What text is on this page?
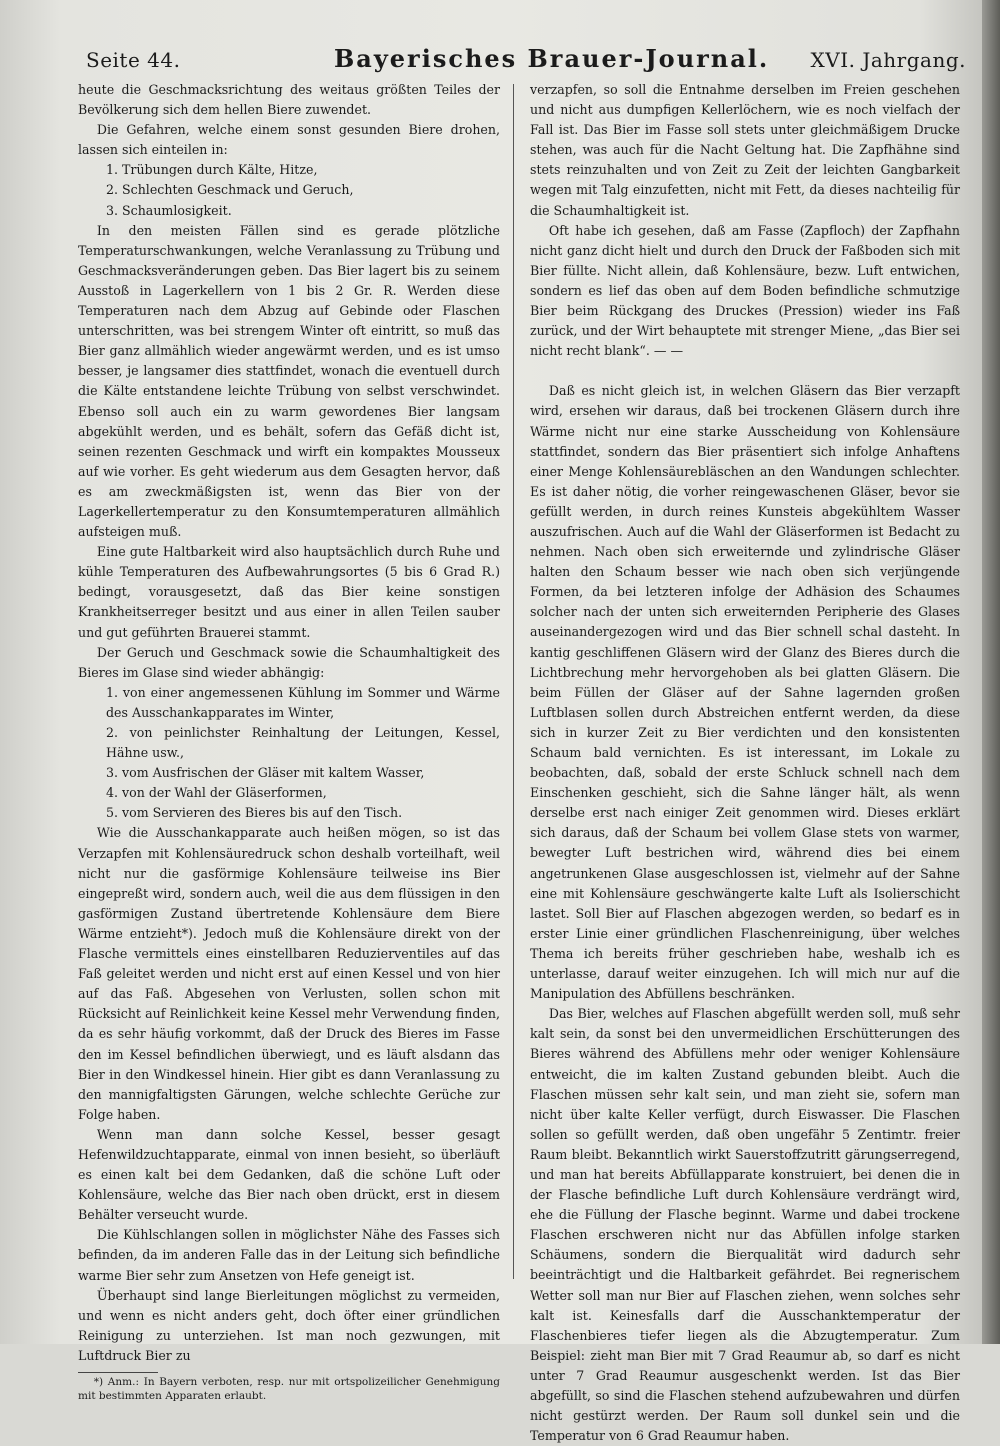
Seite 44.	Bayerisches Brauer-Journal. XVI. Jahrgang.

heute die Geschmacksrichtung des weitaus größten Teiles der Bevölkerung sich dem hellen Biere zuwendet.

Die Gefahren, welche einem sonst gesunden Biere drohen, lassen sich einteilen in:

1. Trübungen durch Kälte, Hitze,
2. Schlechten Geschmack und Geruch,
3. Schaumlosigkeit.

In den meisten Fällen sind es gerade plötzliche Temperaturschwankungen, welche Veranlassung zu Trübung und Geschmacksveränderungen geben. Das Bier lagert bis zu seinem Ausstoß in Lagerkellern von 1 bis 2 Gr. R. Werden diese Temperaturen nach dem Abzug auf Gebinde oder Flaschen unterschritten, was bei strengem Winter oft eintritt, so muß das Bier ganz allmählich wieder angewärmt werden, und es ist umso besser, je langsamer dies stattfindet, wonach die eventuell durch die Kälte entstandene leichte Trübung von selbst verschwindet. Ebenso soll auch ein zu warm gewordenes Bier langsam abgekühlt werden, und es behält, sofern das Gefäß dicht ist, seinen rezenten Geschmack und wirft ein kompaktes Mousseux auf wie vorher. Es geht wiederum aus dem Gesagten hervor, daß es am zweckmäßigsten ist, wenn das Bier von der Lagerkellertemperatur zu den Konsumtemperaturen allmählich aufsteigen muß.

Eine gute Haltbarkeit wird also hauptsächlich durch Ruhe und kühle Temperaturen des Aufbewahrungsortes (5 bis 6 Grad R.) bedingt, vorausgesetzt, daß das Bier keine sonstigen Krankheitserreger besitzt und aus einer in allen Teilen sauber und gut geführten Brauerei stammt.

Der Geruch und Geschmack sowie die Schaumhaltigkeit des Bieres im Glase sind wieder abhängig:

1. von einer angemessenen Kühlung im Sommer und Wärme des Ausschankapparates im Winter,
2. von peinlichster Reinhaltung der Leitungen, Kessel, Hähne usw.,
3. vom Ausfrischen der Gläser mit kaltem Wasser,
4. von der Wahl der Gläserformen,
5. vom Servieren des Bieres bis auf den Tisch.

Wie die Ausschankapparate auch heißen mögen, so ist das Verzapfen mit Kohlensäuredruck schon deshalb vorteilhaft, weil nicht nur die gasförmige Kohlensäure teilweise ins Bier eingepreßt wird, sondern auch, weil die aus dem flüssigen in den gasförmigen Zustand übertretende Kohlensäure dem Biere Wärme entzieht*). Jedoch muß die Kohlensäure direkt von der Flasche vermittels eines einstellbaren Reduzierventiles auf das Faß geleitet werden und nicht erst auf einen Kessel und von hier auf das Faß. Abgesehen von Verlusten, sollen schon mit Rücksicht auf Reinlichkeit keine Kessel mehr Verwendung finden, da es sehr häufig vorkommt, daß der Druck des Bieres im Fasse den im Kessel befindlichen überwiegt, und es läuft alsdann das Bier in den Windkessel hinein. Hier gibt es dann Veranlassung zu den mannigfaltigsten Gärungen, welche schlechte Gerüche zur Folge haben.

Wenn man dann solche Kessel, besser gesagt Hefenwildzuchtapparate, einmal von innen besieht, so überläuft es einen kalt bei dem Gedanken, daß die schöne Luft oder Kohlensäure, welche das Bier nach oben drückt, erst in diesem Behälter verseucht wurde.

Die Kühlschlangen sollen in möglichster Nähe des Fasses sich befinden, da im anderen Falle das in der Leitung sich befindliche warme Bier sehr zum Ansetzen von Hefe geneigt ist.

Überhaupt sind lange Bierleitungen möglichst zu vermeiden, und wenn es nicht anders geht, doch öfter einer gründlichen Reinigung zu unterziehen. Ist man noch gezwungen, mit Luftdruck Bier zu

*) Anm.: In Bayern verboten, resp. nur mit ortspolizeilicher Genehmigung mit bestimmten Apparaten erlaubt.

verzapfen, so soll die Entnahme derselben im Freien geschehen und nicht aus dumpfigen Kellerlöchern, wie es noch vielfach der Fall ist. Das Bier im Fasse soll stets unter gleichmäßigem Drucke stehen, was auch für die Nacht Geltung hat. Die Zapfhähne sind stets reinzuhalten und von Zeit zu Zeit der leichten Gangbarkeit wegen mit Talg einzufetten, nicht mit Fett, da dieses nachteilig für die Schaumhaltigkeit ist.

Oft habe ich gesehen, daß am Fasse (Zapfloch) der Zapfhahn nicht ganz dicht hielt und durch den Druck der Faßboden sich mit Bier füllte. Nicht allein, daß Kohlensäure, bezw. Luft entwichen, sondern es lief das oben auf dem Boden befindliche schmutzige Bier beim Rückgang des Druckes (Pression) wieder ins Faß zurück, und der Wirt behauptete mit strenger Miene, „das Bier sei nicht recht blank“. — —

Daß es nicht gleich ist, in welchen Gläsern das Bier verzapft wird, ersehen wir daraus, daß bei trockenen Gläsern durch ihre Wärme nicht nur eine starke Ausscheidung von Kohlensäure stattfindet, sondern das Bier präsentiert sich infolge Anhaftens einer Menge Kohlensäurebläschen an den Wandungen schlechter. Es ist daher nötig, die vorher reingewaschenen Gläser, bevor sie gefüllt werden, in durch reines Kunsteis abgekühltem Wasser auszufrischen. Auch auf die Wahl der Gläserformen ist Bedacht zu nehmen. Nach oben sich erweiternde und zylindrische Gläser halten den Schaum besser wie nach oben sich verjüngende Formen, da bei letzteren infolge der Adhäsion des Schaumes solcher nach der unten sich erweiternden Peripherie des Glases auseinandergezogen wird und das Bier schnell schal dasteht. In kantig geschliffenen Gläsern wird der Glanz des Bieres durch die Lichtbrechung mehr hervorgehoben als bei glatten Gläsern. Die beim Füllen der Gläser auf der Sahne lagernden großen Luftblasen sollen durch Abstreichen entfernt werden, da diese sich in kurzer Zeit zu Bier verdichten und den konsistenten Schaum bald vernichten. Es ist interessant, im Lokale zu beobachten, daß, sobald der erste Schluck schnell nach dem Einschenken geschieht, sich die Sahne länger hält, als wenn derselbe erst nach einiger Zeit genommen wird. Dieses erklärt sich daraus, daß der Schaum bei vollem Glase stets von warmer, bewegter Luft bestrichen wird, während dies bei einem angetrunkenen Glase ausgeschlossen ist, vielmehr auf der Sahne eine mit Kohlensäure geschwängerte kalte Luft als Isolierschicht lastet. Soll Bier auf Flaschen abgezogen werden, so bedarf es in erster Linie einer gründlichen Flaschenreinigung, über welches Thema ich bereits früher geschrieben habe, weshalb ich es unterlasse, darauf weiter einzugehen. Ich will mich nur auf die Manipulation des Abfüllens beschränken.

Das Bier, welches auf Flaschen abgefüllt werden soll, muß sehr kalt sein, da sonst bei den unvermeidlichen Erschütterungen des Bieres während des Abfüllens mehr oder weniger Kohlensäure entweicht, die im kalten Zustand gebunden bleibt. Auch die Flaschen müssen sehr kalt sein, und man zieht sie, sofern man nicht über kalte Keller verfügt, durch Eiswasser. Die Flaschen sollen so gefüllt werden, daß oben ungefähr 5 Zentimtr. freier Raum bleibt. Bekanntlich wirkt Sauerstoffzutritt gärungserregend, und man hat bereits Abfüllapparate konstruiert, bei denen die in der Flasche befindliche Luft durch Kohlensäure verdrängt wird, ehe die Füllung der Flasche beginnt. Warme und dabei trockene Flaschen erschweren nicht nur das Abfüllen infolge starken Schäumens, sondern die Bierqualität wird dadurch sehr beeinträchtigt und die Haltbarkeit gefährdet. Bei regnerischem Wetter soll man nur Bier auf Flaschen ziehen, wenn solches sehr kalt ist. Keinesfalls darf die Ausschanktemperatur der Flaschenbieres tiefer liegen als die Abzugtemperatur. Zum Beispiel: zieht man Bier mit 7 Grad Reaumur ab, so darf es nicht unter 7 Grad Reaumur ausgeschenkt werden. Ist das Bier abgefüllt, so sind die Flaschen stehend aufzubewahren und dürfen nicht gestürzt werden. Der Raum soll dunkel sein und die Temperatur von 6 Grad Reaumur haben.
